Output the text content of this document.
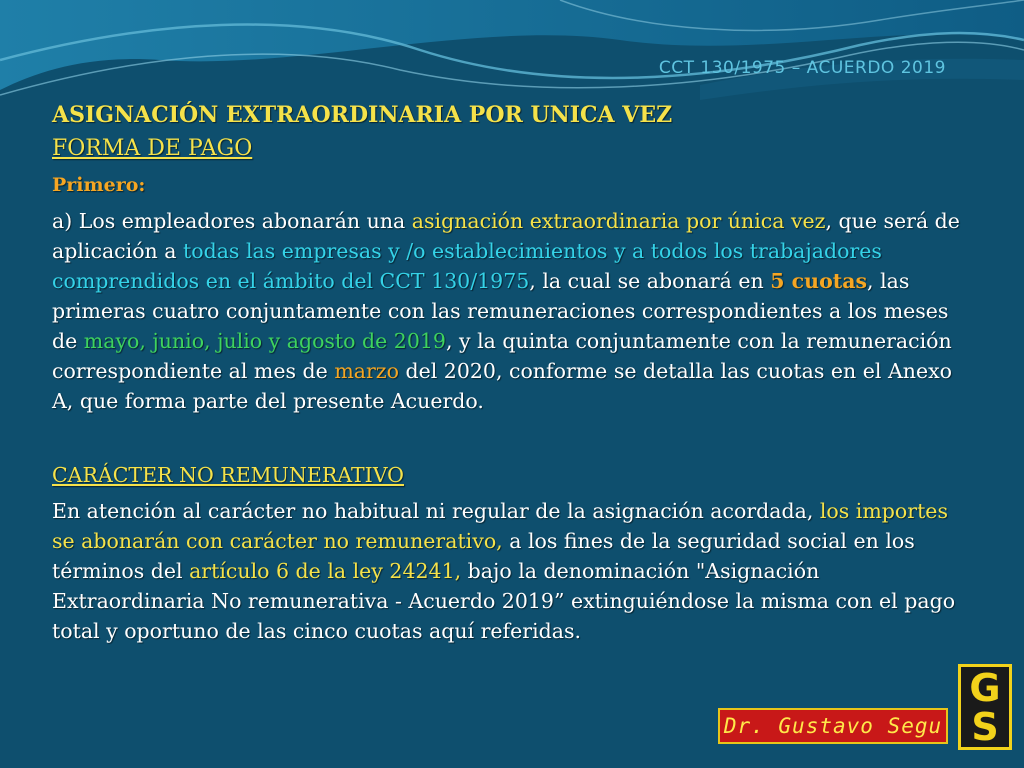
CCT 130/1975 – ACUERDO 2019
ASIGNACIÓN EXTRAORDINARIA POR UNICA VEZ
FORMA DE PAGO
Primero:

a) Los empleadores abonarán una asignación extraordinaria por única vez, que será de aplicación a todas las empresas y /o establecimientos y a todos los trabajadores comprendidos en el ámbito del CCT 130/1975, la cual se abonará en 5 cuotas, las primeras cuatro conjuntamente con las remuneraciones correspondientes a los meses de mayo, junio, julio y agosto de 2019, y la quinta conjuntamente con la remuneración correspondiente al mes de marzo del 2020, conforme se detalla las cuotas en el Anexo A, que forma parte del presente Acuerdo.

CARÁCTER NO REMUNERATIVO

En atención al carácter no habitual ni regular de la asignación acordada, los importes se abonarán con carácter no remunerativo, a los fines de la seguridad social en los términos del artículo 6 de la ley 24241, bajo la denominación "Asignación Extraordinaria No remunerativa - Acuerdo 2019” extinguiéndose la misma con el pago total y oportuno de las cinco cuotas aquí referidas.

Dr. Gustavo Segu
G
S
